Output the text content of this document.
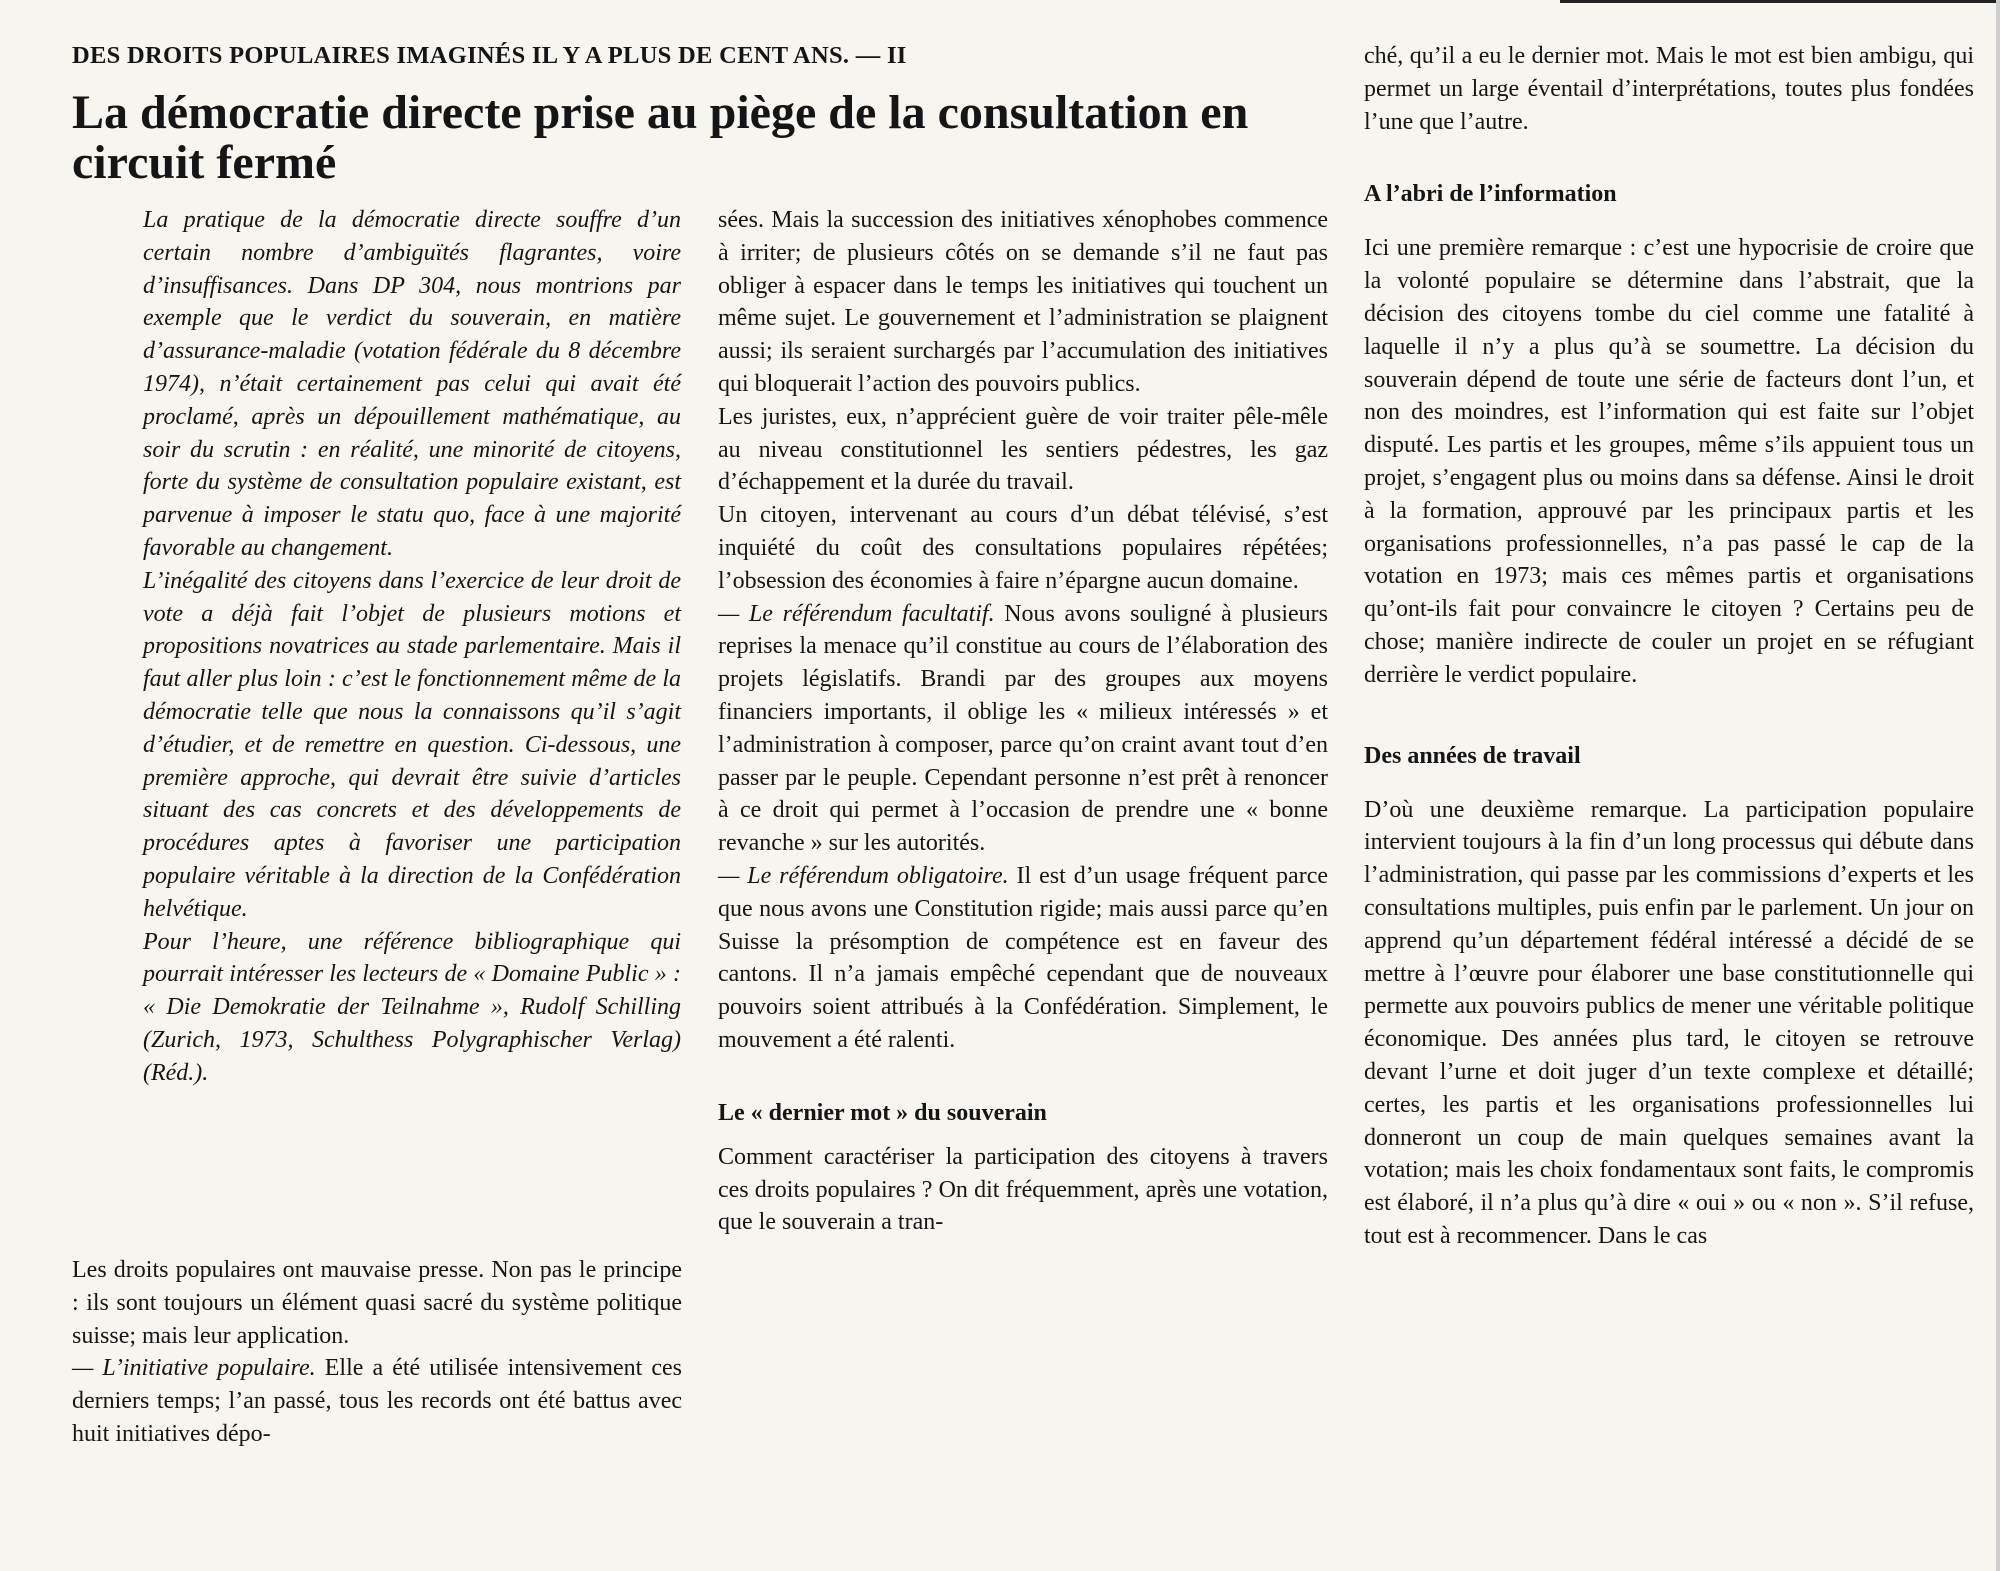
DES DROITS POPULAIRES IMAGINÉS IL Y A PLUS DE CENT ANS. — II
La démocratie directe prise au piège de la consultation en circuit fermé

La pratique de la démocratie directe souffre d’un certain nombre d’ambiguïtés flagrantes, voire d’insuffisances. Dans DP 304, nous montrions par exemple que le verdict du souverain, en matière d’assurance-maladie (votation fédérale du 8 décembre 1974), n’était certainement pas celui qui avait été proclamé, après un dépouillement mathématique, au soir du scrutin : en réalité, une minorité de citoyens, forte du système de consultation populaire existant, est parvenue à imposer le statu quo, face à une majorité favorable au changement.

L’inégalité des citoyens dans l’exercice de leur droit de vote a déjà fait l’objet de plusieurs motions et propositions novatrices au stade parlementaire. Mais il faut aller plus loin : c’est le fonctionnement même de la démocratie telle que nous la connaissons qu’il s’agit d’étudier, et de remettre en question. Ci-dessous, une première approche, qui devrait être suivie d’articles situant des cas concrets et des développements de procédures aptes à favoriser une participation populaire véritable à la direction de la Confédération helvétique.

Pour l’heure, une référence bibliographique qui pourrait intéresser les lecteurs de « Domaine Public » : « Die Demokratie der Teilnahme », Rudolf Schilling (Zurich, 1973, Schulthess Polygraphischer Verlag) (Réd.).

Les droits populaires ont mauvaise presse. Non pas le principe : ils sont toujours un élément quasi sacré du système politique suisse; mais leur application.

— L’initiative populaire. Elle a été utilisée intensivement ces derniers temps; l’an passé, tous les records ont été battus avec huit initiatives dépo-

sées. Mais la succession des initiatives xénophobes commence à irriter; de plusieurs côtés on se demande s’il ne faut pas obliger à espacer dans le temps les initiatives qui touchent un même sujet. Le gouvernement et l’administration se plaignent aussi; ils seraient surchargés par l’accumulation des initiatives qui bloquerait l’action des pouvoirs publics.

Les juristes, eux, n’apprécient guère de voir traiter pêle-mêle au niveau constitutionnel les sentiers pédestres, les gaz d’échappement et la durée du travail.

Un citoyen, intervenant au cours d’un débat télévisé, s’est inquiété du coût des consultations populaires répétées; l’obsession des économies à faire n’épargne aucun domaine.

— Le référendum facultatif. Nous avons souligné à plusieurs reprises la menace qu’il constitue au cours de l’élaboration des projets législatifs. Brandi par des groupes aux moyens financiers importants, il oblige les « milieux intéressés » et l’administration à composer, parce qu’on craint avant tout d’en passer par le peuple. Cependant personne n’est prêt à renoncer à ce droit qui permet à l’occasion de prendre une « bonne revanche » sur les autorités.

— Le référendum obligatoire. Il est d’un usage fréquent parce que nous avons une Constitution rigide; mais aussi parce qu’en Suisse la présomption de compétence est en faveur des cantons. Il n’a jamais empêché cependant que de nouveaux pouvoirs soient attribués à la Confédération. Simplement, le mouvement a été ralenti.

Le « dernier mot » du souverain

Comment caractériser la participation des citoyens à travers ces droits populaires ? On dit fréquemment, après une votation, que le souverain a tran-

ché, qu’il a eu le dernier mot. Mais le mot est bien ambigu, qui permet un large éventail d’interprétations, toutes plus fondées l’une que l’autre.

A l’abri de l’information

Ici une première remarque : c’est une hypocrisie de croire que la volonté populaire se détermine dans l’abstrait, que la décision des citoyens tombe du ciel comme une fatalité à laquelle il n’y a plus qu’à se soumettre. La décision du souverain dépend de toute une série de facteurs dont l’un, et non des moindres, est l’information qui est faite sur l’objet disputé. Les partis et les groupes, même s’ils appuient tous un projet, s’engagent plus ou moins dans sa défense. Ainsi le droit à la formation, approuvé par les principaux partis et les organisations professionnelles, n’a pas passé le cap de la votation en 1973; mais ces mêmes partis et organisations qu’ont-ils fait pour convaincre le citoyen ? Certains peu de chose; manière indirecte de couler un projet en se réfugiant derrière le verdict populaire.

Des années de travail

D’où une deuxième remarque. La participation populaire intervient toujours à la fin d’un long processus qui débute dans l’administration, qui passe par les commissions d’experts et les consultations multiples, puis enfin par le parlement. Un jour on apprend qu’un département fédéral intéressé a décidé de se mettre à l’œuvre pour élaborer une base constitutionnelle qui permette aux pouvoirs publics de mener une véritable politique économique. Des années plus tard, le citoyen se retrouve devant l’urne et doit juger d’un texte complexe et détaillé; certes, les partis et les organisations professionnelles lui donneront un coup de main quelques semaines avant la votation; mais les choix fondamentaux sont faits, le compromis est élaboré, il n’a plus qu’à dire « oui » ou « non ». S’il refuse, tout est à recommencer. Dans le cas
